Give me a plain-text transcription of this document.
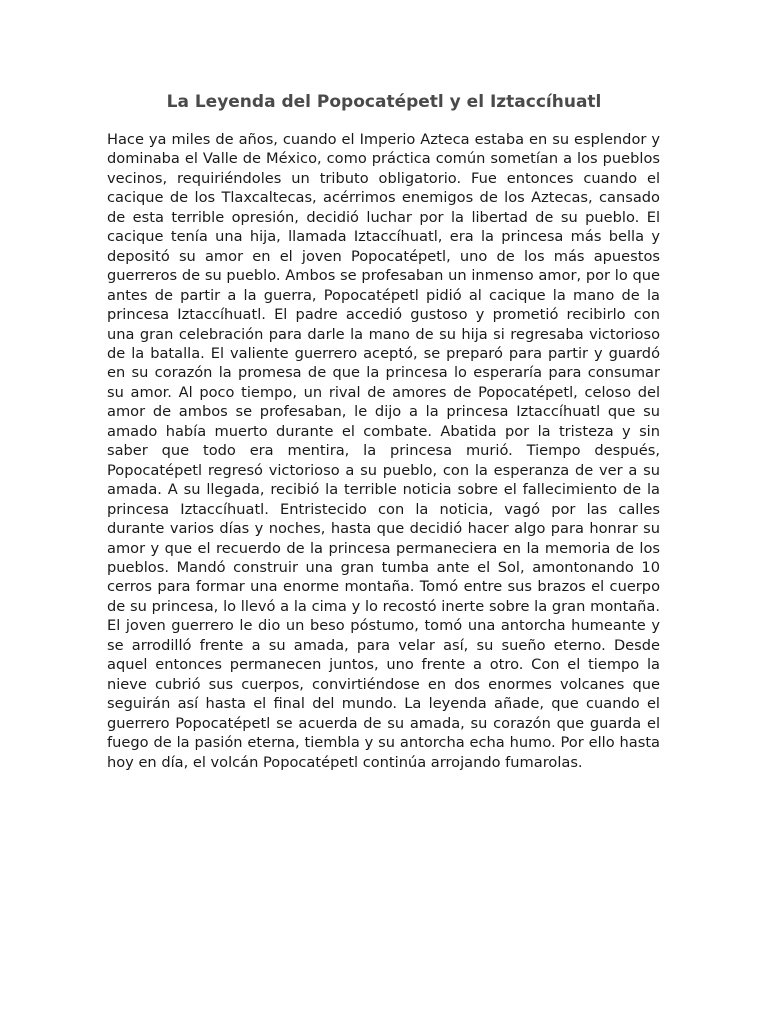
La Leyenda del Popocatépetl y el Iztaccíhuatl

Hace ya miles de años, cuando el Imperio Azteca estaba en su esplendor y dominaba el Valle de México, como práctica común sometían a los pueblos vecinos, requiriéndoles un tributo obligatorio. Fue entonces cuando el cacique de los Tlaxcaltecas, acérrimos enemigos de los Aztecas, cansado de esta terrible opresión, decidió luchar por la libertad de su pueblo. El cacique tenía una hija, llamada Iztaccíhuatl, era la princesa más bella y depositó su amor en el joven Popocatépetl, uno de los más apuestos guerreros de su pueblo. Ambos se profesaban un inmenso amor, por lo que antes de partir a la guerra, Popocatépetl pidió al cacique la mano de la princesa Iztaccíhuatl. El padre accedió gustoso y prometió recibirlo con una gran celebración para darle la mano de su hija si regresaba victorioso de la batalla. El valiente guerrero aceptó, se preparó para partir y guardó en su corazón la promesa de que la princesa lo esperaría para consumar su amor. Al poco tiempo, un rival de amores de Popocatépetl, celoso del amor de ambos se profesaban, le dijo a la princesa Iztaccíhuatl que su amado había muerto durante el combate. Abatida por la tristeza y sin saber que todo era mentira, la princesa murió. Tiempo después, Popocatépetl regresó victorioso a su pueblo, con la esperanza de ver a su amada. A su llegada, recibió la terrible noticia sobre el fallecimiento de la princesa Iztaccíhuatl. Entristecido con la noticia, vagó por las calles durante varios días y noches, hasta que decidió hacer algo para honrar su amor y que el recuerdo de la princesa permaneciera en la memoria de los pueblos. Mandó construir una gran tumba ante el Sol, amontonando 10 cerros para formar una enorme montaña. Tomó entre sus brazos el cuerpo de su princesa, lo llevó a la cima y lo recostó inerte sobre la gran montaña. El joven guerrero le dio un beso póstumo, tomó una antorcha humeante y se arrodilló frente a su amada, para velar así, su sueño eterno. Desde aquel entonces permanecen juntos, uno frente a otro. Con el tiempo la nieve cubrió sus cuerpos, convirtiéndose en dos enormes volcanes que seguirán así hasta el final del mundo. La leyenda añade, que cuando el guerrero Popocatépetl se acuerda de su amada, su corazón que guarda el fuego de la pasión eterna, tiembla y su antorcha echa humo. Por ello hasta hoy en día, el volcán Popocatépetl continúa arrojando fumarolas.
